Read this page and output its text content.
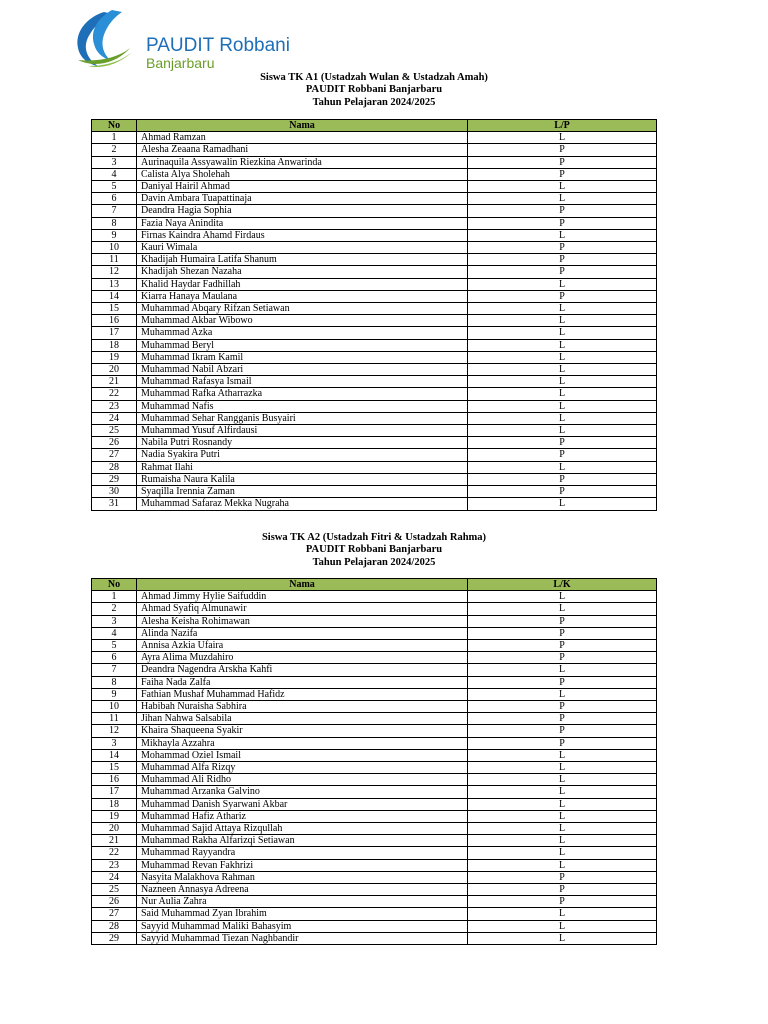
PAUDIT Robbani
Banjarbaru
Siswa TK A1 (Ustadzah Wulan & Ustadzah Amah)
PAUDIT Robbani Banjarbaru
Tahun Pelajaran 2024/2025
No	Nama	L/P
1	Ahmad Ramzan	L
2	Alesha Zeaana Ramadhani	P
3	Aurinaquila Assyawalin Riezkina Anwarinda	P
4	Calista Alya Sholehah	P
5	Daniyal Hairil Ahmad	L
6	Davin Ambara Tuapattinaja	L
7	Deandra Hagia Sophia	P
8	Fazia Naya Anindita	P
9	Firnas Kaindra Ahamd Firdaus	L
10	Kauri Wimala	P
11	Khadijah Humaira Latifa Shanum	P
12	Khadijah Shezan Nazaha	P
13	Khalid Haydar Fadhillah	L
14	Kiarra Hanaya Maulana	P
15	Muhammad Abqary Rifzan Setiawan	L
16	Muhammad Akbar Wibowo	L
17	Muhammad Azka	L
18	Muhammad Beryl	L
19	Muhammad Ikram Kamil	L
20	Muhammad Nabil Abzari	L
21	Muhammad Rafasya Ismail	L
22	Muhammad Rafka Atharrazka	L
23	Muhammad Nafis	L
24	Muhammad Sehar Rangganis Busyairi	L
25	Muhammad Yusuf Alfirdausi	L
26	Nabila Putri Rosnandy	P
27	Nadia Syakira Putri	P
28	Rahmat Ilahi	L
29	Rumaisha Naura Kalila	P
30	Syaqilla Irennia Zaman	P
31	Muhammad Safaraz Mekka Nugraha	L
Siswa TK A2 (Ustadzah Fitri & Ustadzah Rahma)
PAUDIT Robbani Banjarbaru
Tahun Pelajaran 2024/2025
No	Nama	L/K
1	Ahmad Jimmy Hylie Saifuddin	L
2	Ahmad Syafiq Almunawir	L
3	Alesha Keisha Rohimawan	P
4	Alinda Nazifa	P
5	Annisa Azkia Ufaira	P
6	Ayra Alima Muzdahiro	P
7	Deandra Nagendra Arskha Kahfi	L
8	Faiha Nada Zalfa	P
9	Fathian Mushaf Muhammad Hafidz	L
10	Habibah Nuraisha Sabhira	P
11	Jihan Nahwa Salsabila	P
12	Khaira Shaqueena Syakir	P
3	Mikhayla Azzahra	P
14	Mohammad Oziel Ismail	L
15	Muhammad Alfa Rizqy	L
16	Muhammad Ali Ridho	L
17	Muhammad Arzanka Galvino	L
18	Muhammad Danish Syarwani Akbar	L
19	Muhammad Hafiz Athariz	L
20	Muhammad Sajid Attaya Rizqullah	L
21	Muhammad Rakha Alfarizqi Setiawan	L
22	Muhammad Rayyandra	L
23	Muhammad Revan Fakhrizi	L
24	Nasyita Malakhova Rahman	P
25	Nazneen Annasya Adreena	P
26	Nur Aulia Zahra	P
27	Said Muhammad Zyan Ibrahim	L
28	Sayyid Muhammad Maliki Bahasyim	L
29	Sayyid Muhammad Tiezan Naghbandir	L
